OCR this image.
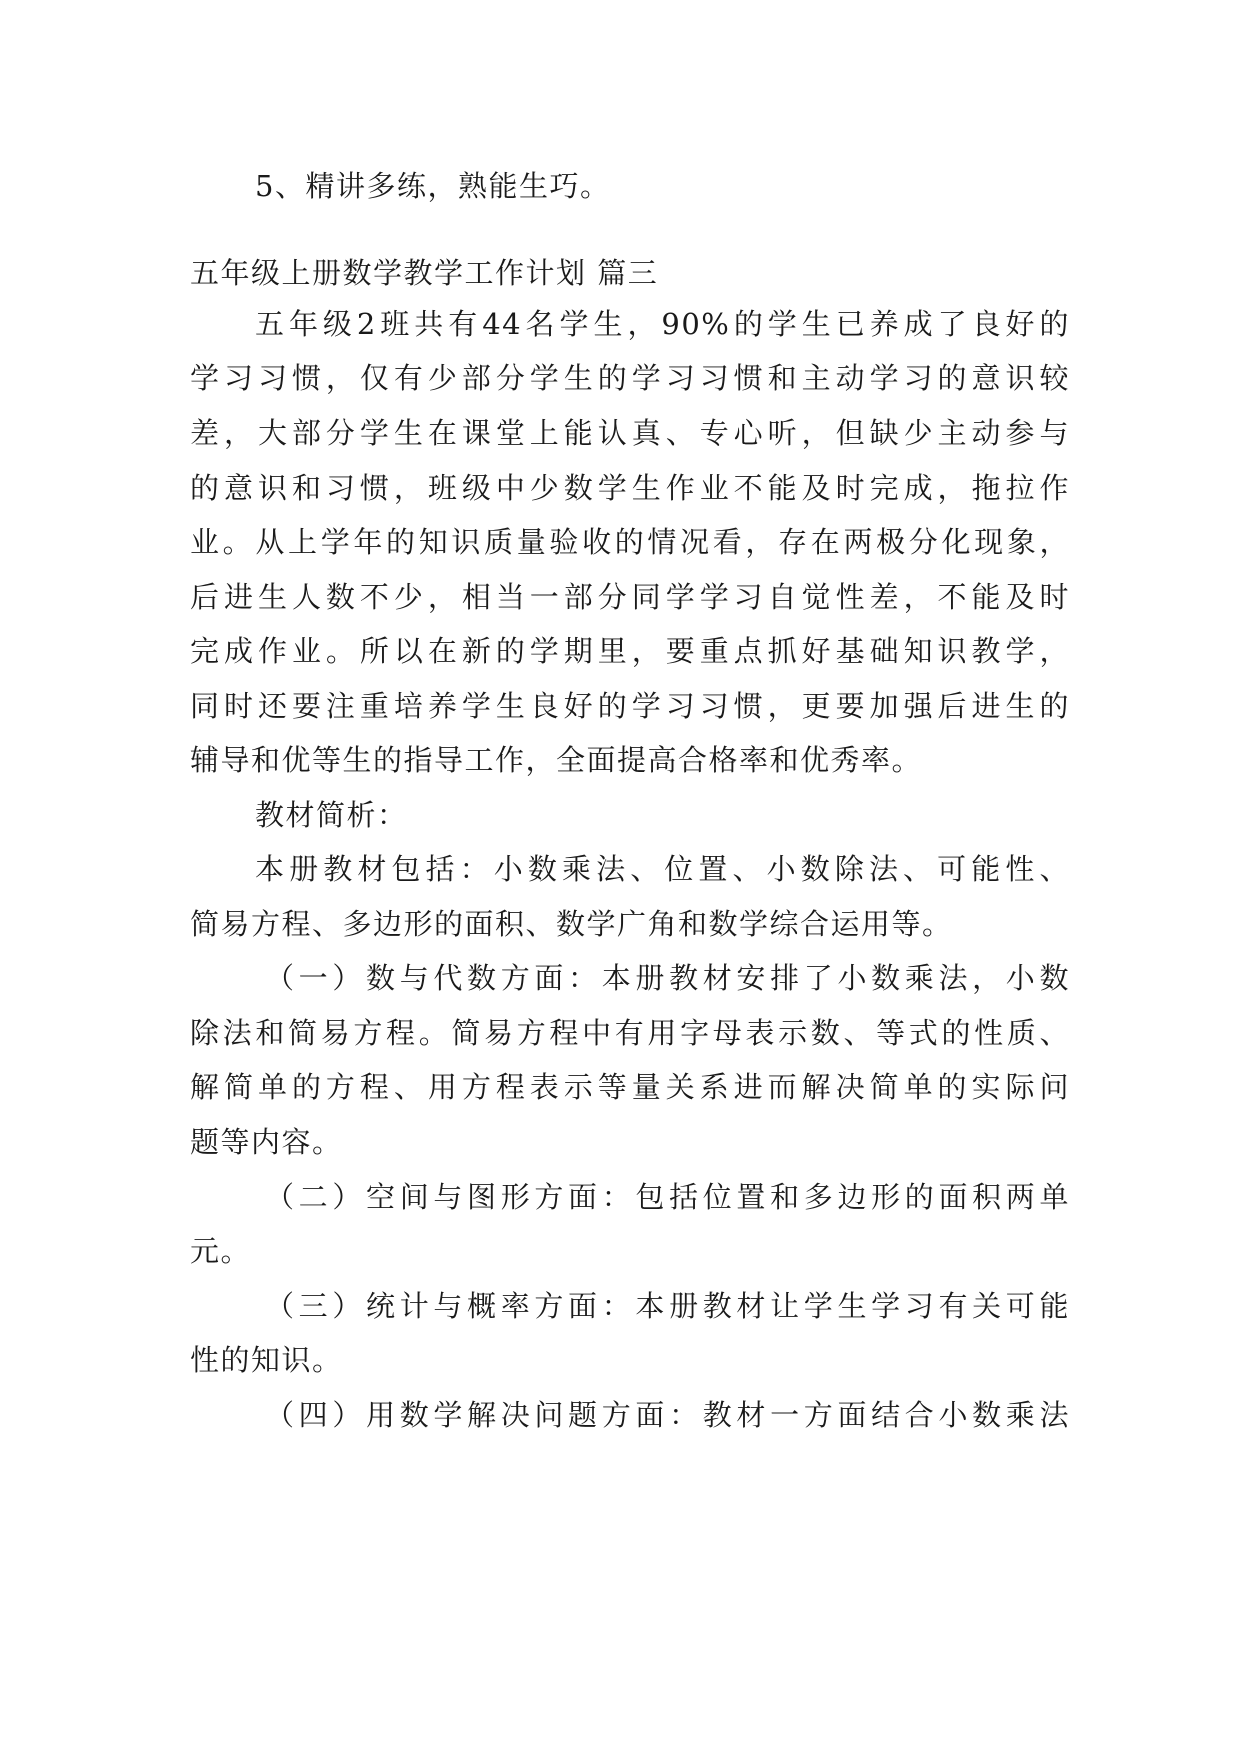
5、精讲多练，熟能生巧。
五年级上册数学教学工作计划 篇三
五年级2班共有44名学生，90%的学生已养成了良好的
学习习惯，仅有少部分学生的学习习惯和主动学习的意识较
差，大部分学生在课堂上能认真、专心听，但缺少主动参与
的意识和习惯，班级中少数学生作业不能及时完成，拖拉作
业。从上学年的知识质量验收的情况看，存在两极分化现象，
后进生人数不少，相当一部分同学学习自觉性差，不能及时
完成作业。所以在新的学期里，要重点抓好基础知识教学，
同时还要注重培养学生良好的学习习惯，更要加强后进生的
辅导和优等生的指导工作，全面提高合格率和优秀率。
教材简析：
本册教材包括：小数乘法、位置、小数除法、可能性、
简易方程、多边形的面积、数学广角和数学综合运用等。
（一）数与代数方面：本册教材安排了小数乘法，小数
除法和简易方程。简易方程中有用字母表示数、等式的性质、
解简单的方程、用方程表示等量关系进而解决简单的实际问
题等内容。
（二）空间与图形方面：包括位置和多边形的面积两单
元。
（三）统计与概率方面：本册教材让学生学习有关可能
性的知识。
（四）用数学解决问题方面：教材一方面结合小数乘法
